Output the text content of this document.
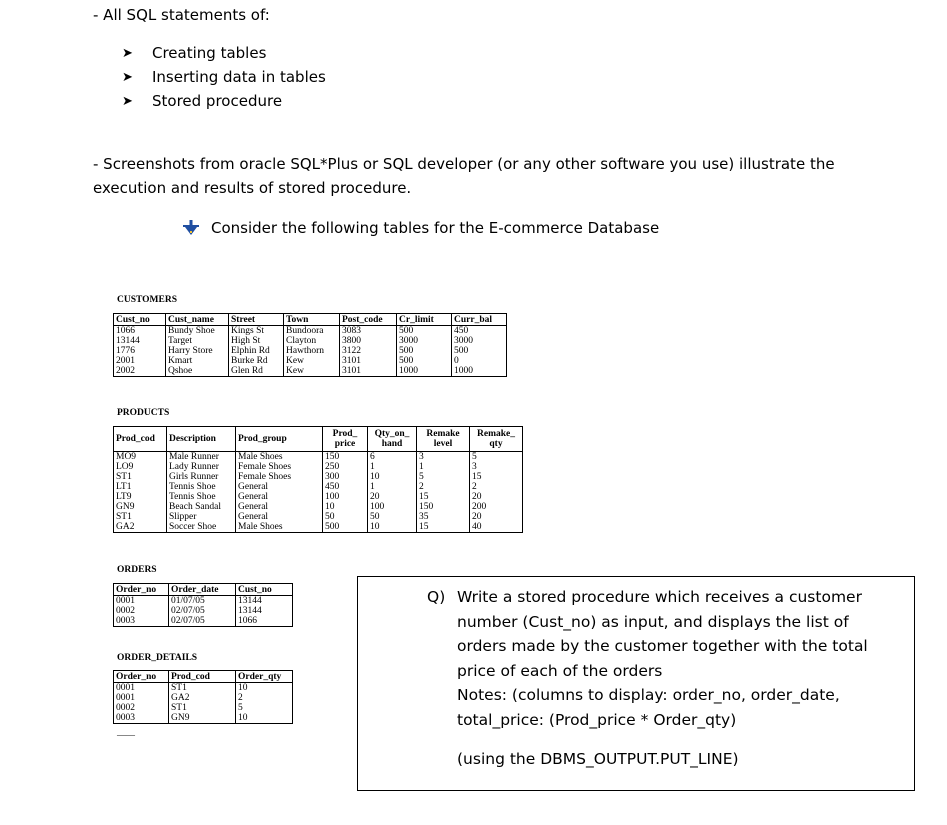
- All SQL statements of:
➤	Creating tables
➤	Inserting data in tables
➤	Stored procedure
- Screenshots from oracle SQL*Plus or SQL developer (or any other software you use) illustrate the execution and results of stored procedure.
Consider the following tables for the E-commerce Database
CUSTOMERS
Cust_no	Cust_name	Street	Town	Post_code	Cr_limit	Curr_bal
1066	Bundy Shoe	Kings St	Bundoora	3083	500	450
13144	Target	High St	Clayton	3800	3000	3000
1776	Harry Store	Elphin Rd	Hawthorn	3122	500	500
2001	Kmart	Burke Rd	Kew	3101	500	0
2002	Qshoe	Glen Rd	Kew	3101	1000	1000
PRODUCTS
Prod_cod	Description	Prod_group	Prod_ price	Qty_on_ hand	Remake level	Remake_ qty
MO9	Male Runner	Male Shoes	150	6	3	5
LO9	Lady Runner	Female Shoes	250	1	1	3
ST1	Girls Runner	Female Shoes	300	10	5	15
LT1	Tennis Shoe	General	450	1	2	2
LT9	Tennis Shoe	General	100	20	15	20
GN9	Beach Sandal	General	10	100	150	200
ST1	Slipper	General	50	50	35	20
GA2	Soccer Shoe	Male Shoes	500	10	15	40
ORDERS
Order_no	Order_date	Cust_no
0001	01/07/05	13144
0002	02/07/05	13144
0003	02/07/05	1066
ORDER_DETAILS
Order_no	Prod_cod	Order_qty
0001	ST1	10
0001	GA2	2
0002	ST1	5
0003	GN9	10
——
Q) Write a stored procedure which receives a customer
number (Cust_no) as input, and displays the list of
orders made by the customer together with the total
price of each of the orders
Notes: (columns to display: order_no, order_date,
total_price: (Prod_price * Order_qty)
(using the DBMS_OUTPUT.PUT_LINE)
